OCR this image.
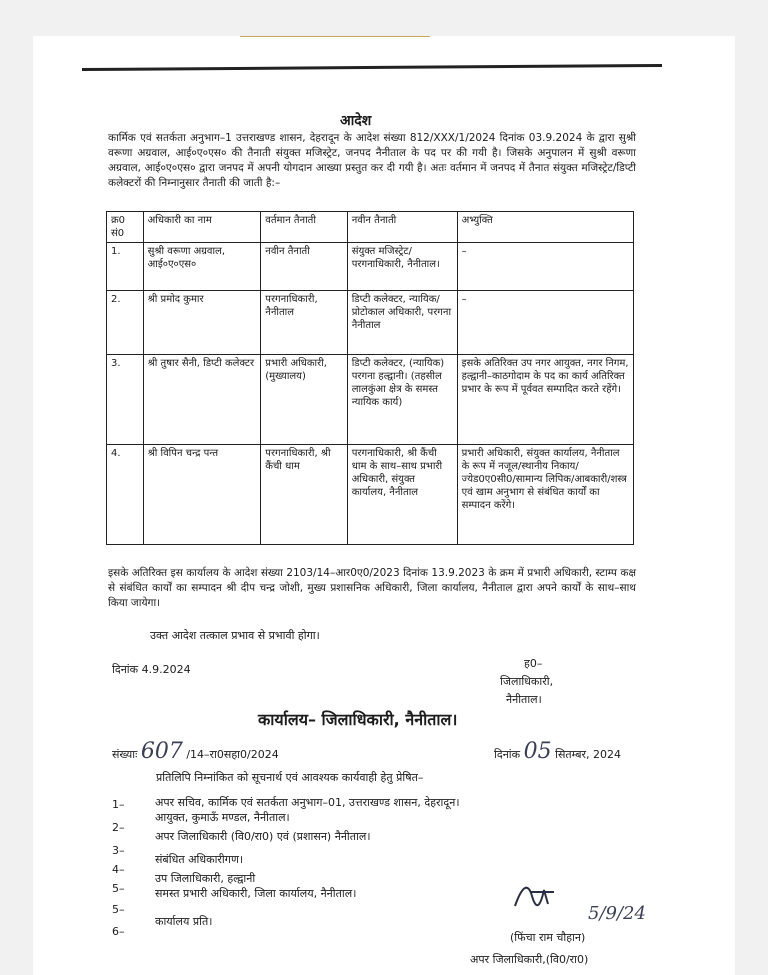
आदेश
कार्मिक एवं सतर्कता अनुभाग–1 उत्तराखण्ड शासन, देहरादून के आदेश संख्या 812/XXX/1/2024 दिनांक 03.9.2024 के द्वारा सुश्री वरूणा अग्रवाल, आई०ए०एस० की तैनाती संयुक्त मजिस्ट्रेट, जनपद नैनीताल के पद पर की गयी है। जिसके अनुपालन में सुश्री वरूणा अग्रवाल, आई०ए०एस० द्वारा जनपद में अपनी योगदान आख्या प्रस्तुत कर दी गयी है। अतः वर्तमान में जनपद में तैनात संयुक्त मजिस्ट्रेट/डिप्टी कलेक्टरों की निम्नानुसार तैनाती की जाती है:–
क्र0 सं0	अधिकारी का नाम	वर्तमान तैनाती	नवीन तैनाती	अभ्युक्ति
1.	सुश्री वरूणा अग्रवाल, आई०ए०एस०	नवीन तैनाती	संयुक्त मजिस्ट्रेट/परगनाधिकारी, नैनीताल।	–
2.	श्री प्रमोद कुमार	परगनाधिकारी, नैनीताल	डिप्टी कलेक्टर, न्यायिक/प्रोटोकाल अधिकारी, परगना नैनीताल	–
3.	श्री तुषार सैनी, डिप्टी कलेक्टर	प्रभारी अधिकारी, (मुख्यालय)	डिप्टी कलेक्टर, (न्यायिक) परगना हल्द्वानी। (तहसील लालकुंआ क्षेत्र के समस्त न्यायिक कार्य)	इसके अतिरिक्त उप नगर आयुक्त, नगर निगम, हल्द्वानी–काठगोदाम के पद का कार्य अतिरिक्त प्रभार के रूप में पूर्ववत सम्पादित करते रहेंगे।
4.	श्री विपिन चन्द्र पन्त	परगनाधिकारी, श्री कैंची धाम	परगनाधिकारी, श्री कैंची धाम के साथ–साथ प्रभारी अधिकारी, संयुक्त कार्यालय, नैनीताल	प्रभारी अधिकारी, संयुक्त कार्यालय, नैनीताल के रूप में नजूल/स्थानीय निकाय/ज्येड0ए0सी0/सामान्य लिपिक/आबकारी/शस्त्र एवं खाम अनुभाग से संबंधित कार्यों का सम्पादन करेंगे।
इसके अतिरिक्त इस कार्यालय के आदेश संख्या 2103/14–आर0ए0/2023 दिनांक 13.9.2023 के क्रम में प्रभारी अधिकारी, स्टाम्प कक्ष से संबंधित कार्यों का सम्पादन श्री दीप चन्द्र जोशी, मुख्य प्रशासनिक अधिकारी, जिला कार्यालय, नैनीताल द्वारा अपने कार्यों के साथ–साथ किया जायेगा।
उक्त आदेश तत्काल प्रभाव से प्रभावी होगा।
दिनांक 4.9.2024	ह0–
जिलाधिकारी,
नैनीताल।
कार्यालय– जिलाधिकारी, नैनीताल।
संख्याः 607 /14–रा0सहा0/2024	दिनांक 05 सितम्बर, 2024
प्रतिलिपि निम्नांकित को सूचनार्थ एवं आवश्यक कार्यवाही हेतु प्रेषित–
1–	अपर सचिव, कार्मिक एवं सतर्कता अनुभाग–01, उत्तराखण्ड शासन, देहरादून।
2–
आयुक्त, कुमाऊँ मण्डल, नैनीताल।
3–
अपर जिलाधिकारी (वि0/रा0) एवं (प्रशासन) नैनीताल।
4–
संबंधित अधिकारीगण।
5–
उप जिलाधिकारी, हल्द्वानी
5–
समस्त प्रभारी अधिकारी, जिला कार्यालय, नैनीताल।
6–
कार्यालय प्रति।	5/9/24
(फिंचा राम चौहान)
अपर जिलाधिकारी,(वि0/रा0)
